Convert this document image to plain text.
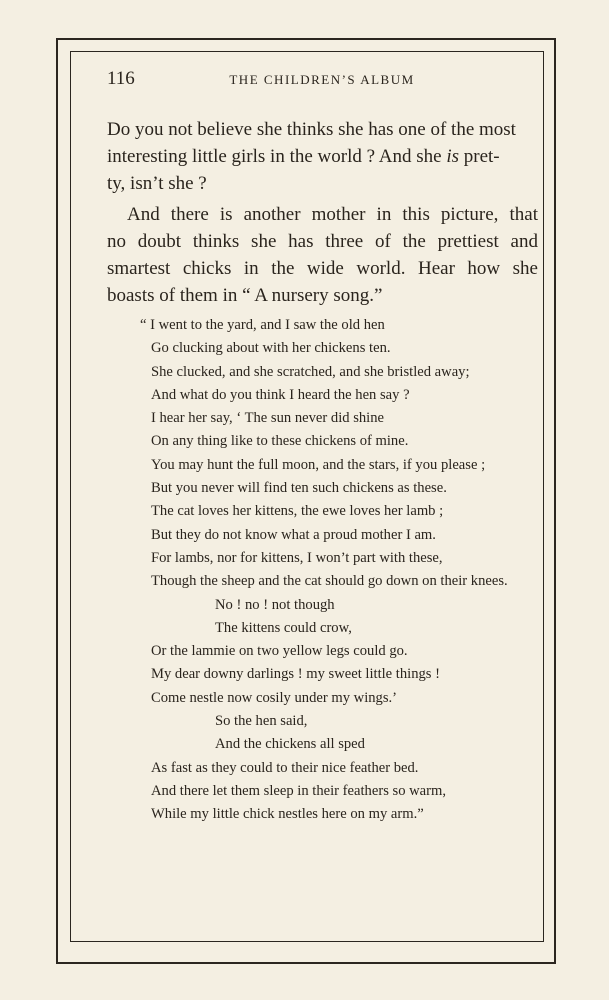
116	THE CHILDREN’S ALBUM

Do you not believe she thinks she has one of the most
interesting little girls in the world ? And she is pret-
ty, isn’t she ?

And there is another mother in this picture, that

no doubt thinks she has three of the prettiest and

smartest chicks in the wide world. Hear how she

boasts of them in “ A nursery song.”

“ I went to the yard, and I saw the old hen
Go clucking about with her chickens ten.
She clucked, and she scratched, and she bristled away;
And what do you think I heard the hen say ?
I hear her say, ‘ The sun never did shine
On any thing like to these chickens of mine.
You may hunt the full moon, and the stars, if you please ;
But you never will find ten such chickens as these.
The cat loves her kittens, the ewe loves her lamb ;
But they do not know what a proud mother I am.
For lambs, nor for kittens, I won’t part with these,
Though the sheep and the cat should go down on their knees.
No ! no ! not though
The kittens could crow,
Or the lammie on two yellow legs could go.
My dear downy darlings ! my sweet little things !
Come nestle now cosily under my wings.’
So the hen said,
And the chickens all sped
As fast as they could to their nice feather bed.
And there let them sleep in their feathers so warm,
While my little chick nestles here on my arm.”
